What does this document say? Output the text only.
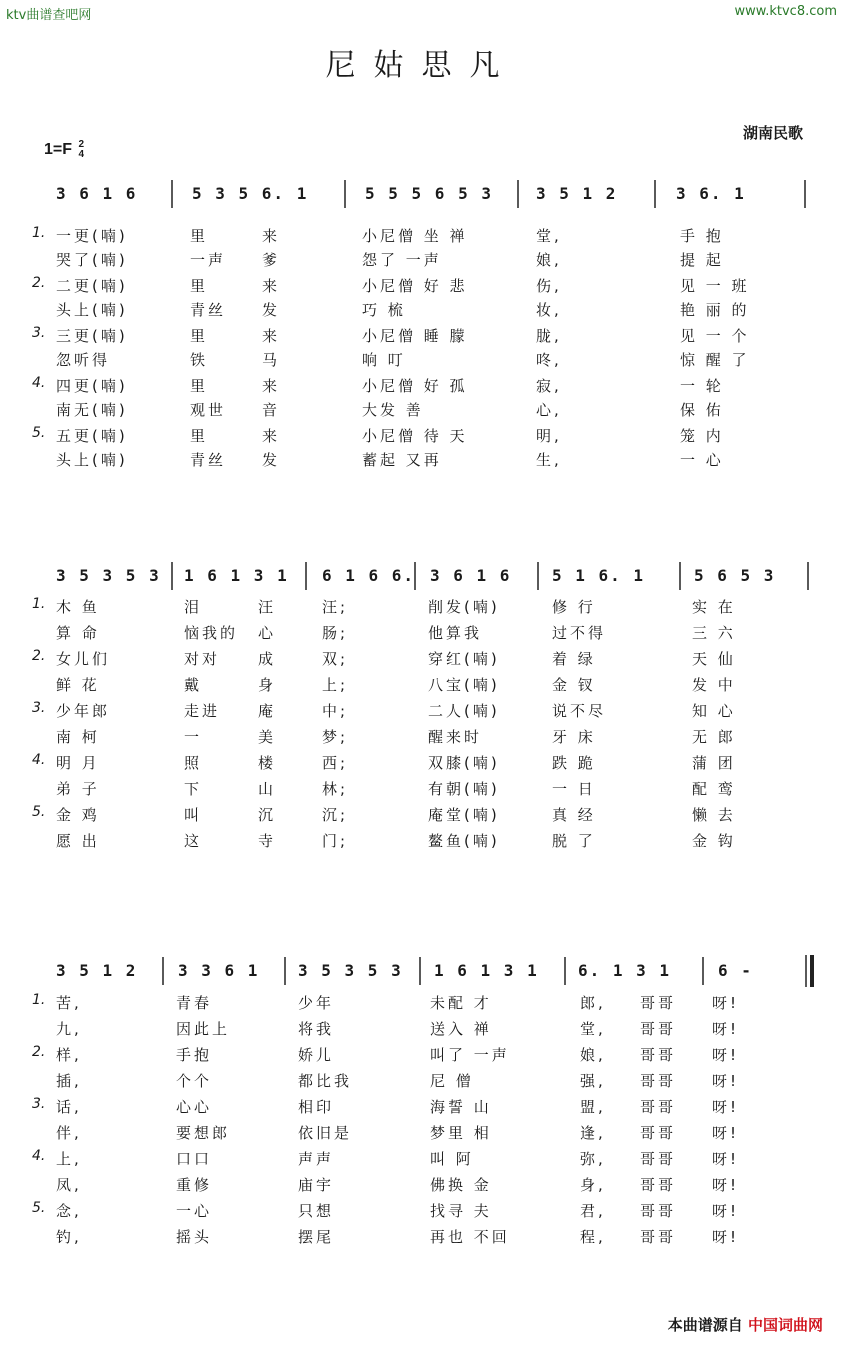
ktv曲谱查吧网	www.ktvc8.com
尼姑思凡
湖南民歌
1=F 2
4
3 6 1 6	5 3 5 6. 1	5 5 5 6 5 3	3 5 1 2	3 6. 1
1. 一更(喃)	里	来	小尼僧 坐 禅	堂,	手 抱
哭了(喃)	一声 爹	怨了 一声	娘,	提 起
2. 二更(喃)	里	来	小尼僧 好 悲	伤,	见 一 班
头上(喃)	青丝 发	巧 梳	妆,	艳 丽 的
3. 三更(喃)	里	来	小尼僧 睡 朦	胧,	见 一 个
忽听得	铁	马	响 叮	咚,	惊 醒 了
4. 四更(喃)	里	来	小尼僧 好 孤	寂,	一 轮
南无(喃)	观世 音	大发 善	心,	保 佑
5. 五更(喃)	里	来	小尼僧 待 天	明,	笼 内
头上(喃)	青丝 发	蓄起 又再	生,	一 心
3 5 3 5 3 1 6 1 3 1 6 1 6 6. 3 6 1 6	5 1 6. 1	5 6 5 3
1. 木 鱼	泪	汪	汪;	削发(喃)	修 行	实 在
算 命	恼我的 心	肠;	他算我	过不得	三 六
2. 女儿们	对对	成	双;	穿红(喃)	着 绿	天 仙
鲜 花	戴	身	上;	八宝(喃)	金 钗	发 中
3. 少年郎	走进	庵	中;	二人(喃)	说不尽	知 心
南 柯	一	美	梦;	醒来时	牙 床	无 郎
4. 明 月	照	楼	西;	双膝(喃)	跌 跪	蒲 团
弟 子	下	山	林;	有朝(喃)	一 日	配 鸾
5. 金 鸡	叫	沉	沉;	庵堂(喃)	真 经	懒 去
愿 出	这	寺	门;	鳌鱼(喃)	脱 了	金 钩
3 5 1 2	3 3 6 1 3 5 3 5 3 1 6 1 3 1 6. 1 3 1	6 -
1. 苦,	青春	少年	未配 才	郎, 哥哥 呀!
九,	因此上	将我	送入 禅	堂, 哥哥 呀!
2. 样,	手抱	娇儿	叫了 一声	娘, 哥哥 呀!
插,	个个	都比我	尼 僧	强, 哥哥 呀!
3. 话,	心心	相印	海誓 山	盟, 哥哥 呀!
伴,	要想郎	依旧是	梦里 相	逢, 哥哥 呀!
4. 上,	口口	声声	叫 阿	弥, 哥哥 呀!
凤,	重修	庙宇	佛换 金	身, 哥哥 呀!
5. 念,	一心	只想	找寻 夫	君, 哥哥 呀!
钓,	摇头	摆尾	再也 不回	程, 哥哥 呀!
本曲谱源自 中国词曲网
